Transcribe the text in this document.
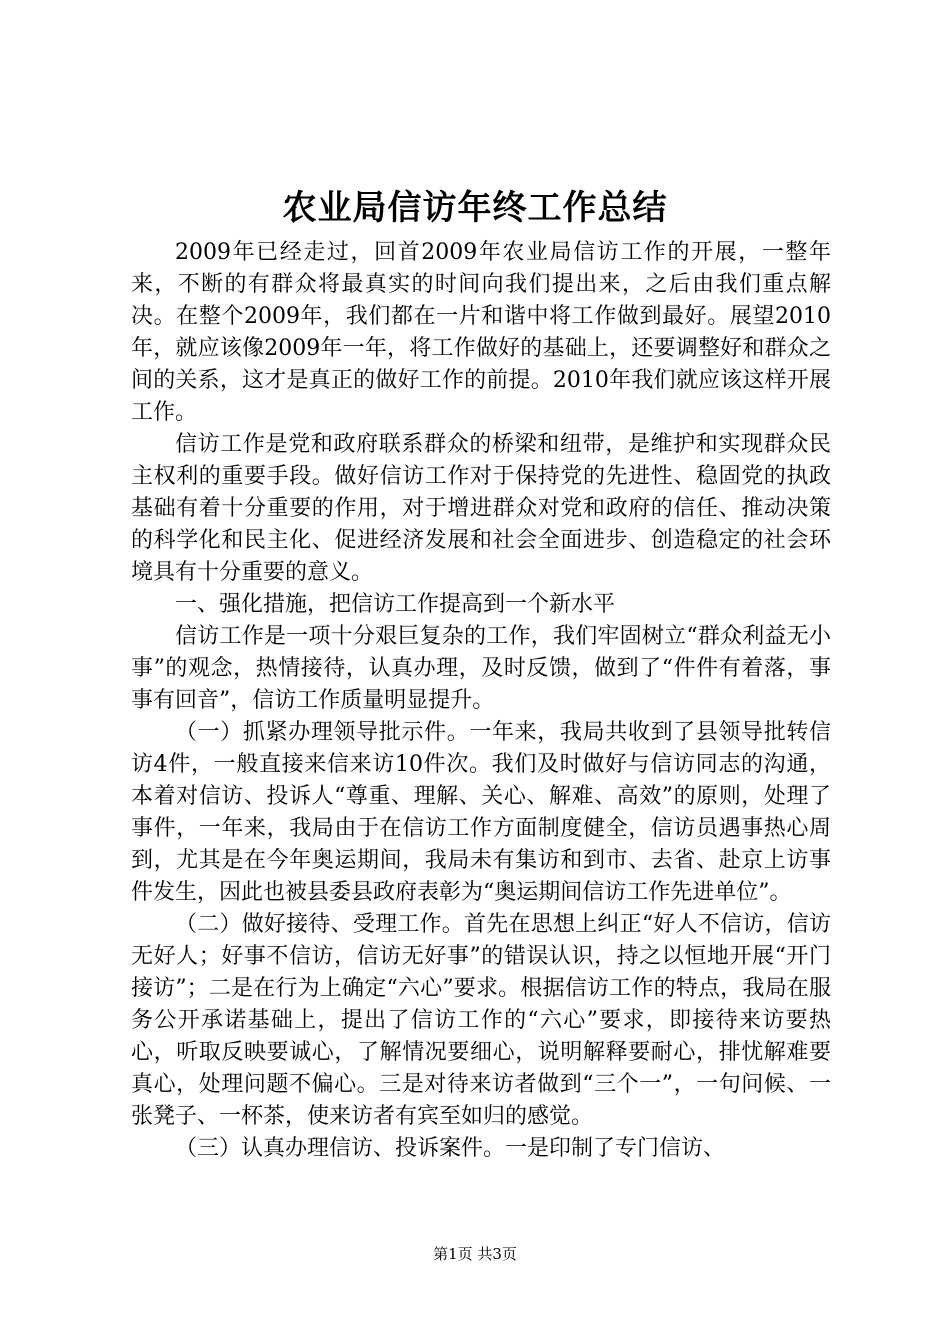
农业局信访年终工作总结

2009年已经走过，回首2009年农业局信访工作的开展，一整年来，不断的有群众将最真实的时间向我们提出来，之后由我们重点解决。在整个2009年，我们都在一片和谐中将工作做到最好。展望2010年，就应该像2009年一年，将工作做好的基础上，还要调整好和群众之间的关系，这才是真正的做好工作的前提。2010年我们就应该这样开展工作。

信访工作是党和政府联系群众的桥梁和纽带，是维护和实现群众民主权利的重要手段。做好信访工作对于保持党的先进性、稳固党的执政基础有着十分重要的作用，对于增进群众对党和政府的信任、推动决策的科学化和民主化、促进经济发展和社会全面进步、创造稳定的社会环境具有十分重要的意义。

一、强化措施，把信访工作提高到一个新水平

信访工作是一项十分艰巨复杂的工作，我们牢固树立“群众利益无小事”的观念，热情接待，认真办理，及时反馈，做到了“件件有着落，事事有回音”，信访工作质量明显提升。

（一）抓紧办理领导批示件。一年来，我局共收到了县领导批转信访4件，一般直接来信来访10件次。我们及时做好与信访同志的沟通，本着对信访、投诉人“尊重、理解、关心、解难、高效”的原则，处理了事件，一年来，我局由于在信访工作方面制度健全，信访员遇事热心周到，尤其是在今年奥运期间，我局未有集访和到市、去省、赴京上访事件发生，因此也被县委县政府表彰为“奥运期间信访工作先进单位”。

（二）做好接待、受理工作。首先在思想上纠正“好人不信访，信访无好人；好事不信访，信访无好事”的错误认识，持之以恒地开展“开门接访”；二是在行为上确定“六心”要求。根据信访工作的特点，我局在服务公开承诺基础上，提出了信访工作的“六心”要求，即接待来访要热心，听取反映要诚心，了解情况要细心，说明解释要耐心，排忧解难要真心，处理问题不偏心。三是对待来访者做到“三个一”，一句问候、一张凳子、一杯茶，使来访者有宾至如归的感觉。

（三）认真办理信访、投诉案件。一是印制了专门信访、

第1页 共3页
